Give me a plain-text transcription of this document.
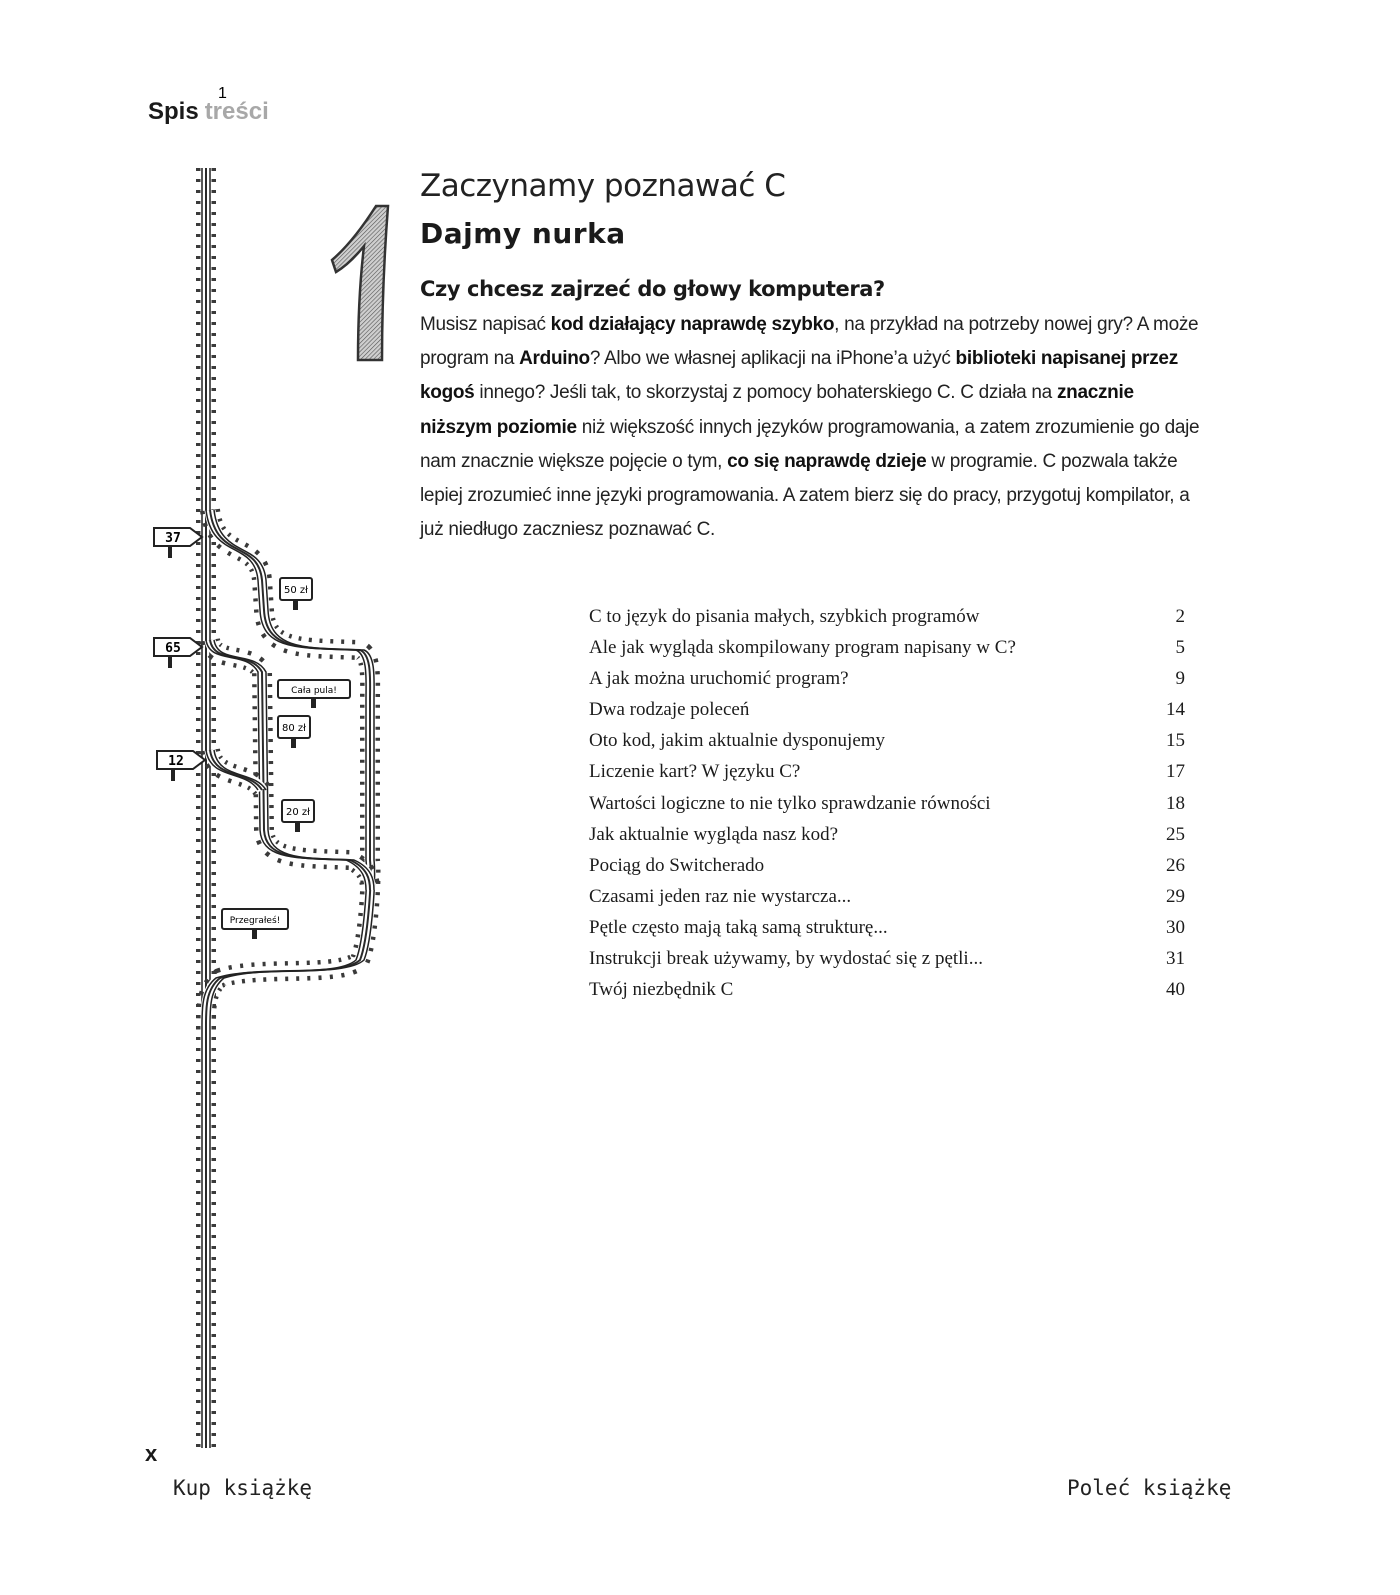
Spis treści
37
65
12
50 zł
Cała pula!
80 zł
20 zł
Przegrałeś!
1
Zaczynamy poznawać C
Dajmy nurka
Czy chcesz zajrzeć do głowy komputera?
Musisz napisać kod działający naprawdę szybko, na przykład na potrzeby nowej gry? A może program na Arduino? Albo we własnej aplikacji na iPhone’a użyć biblioteki napisanej przez kogoś innego? Jeśli tak, to skorzystaj z pomocy bohaterskiego C. C działa na znacznie niższym poziomie niż większość innych języków programowania, a zatem zrozumienie go daje nam znacznie większe pojęcie o tym, co się naprawdę dzieje w programie. C pozwala także lepiej zrozumieć inne języki programowania. A zatem bierz się do pracy, przygotuj kompilator, a już niedługo zaczniesz poznawać C.
C to język do pisania małych, szybkich programów	2
Ale jak wygląda skompilowany program napisany w C?	5
A jak można uruchomić program?	9
Dwa rodzaje poleceń	14
Oto kod, jakim aktualnie dysponujemy	15
Liczenie kart? W języku C?	17
Wartości logiczne to nie tylko sprawdzanie równości	18
Jak aktualnie wygląda nasz kod?	25
Pociąg do Switcherado	26
Czasami jeden raz nie wystarcza...	29
Pętle często mają taką samą strukturę...	30
Instrukcji break używamy, by wydostać się z pętli...	31
Twój niezbędnik C	40
x
Kup książkę	Poleć książkę
